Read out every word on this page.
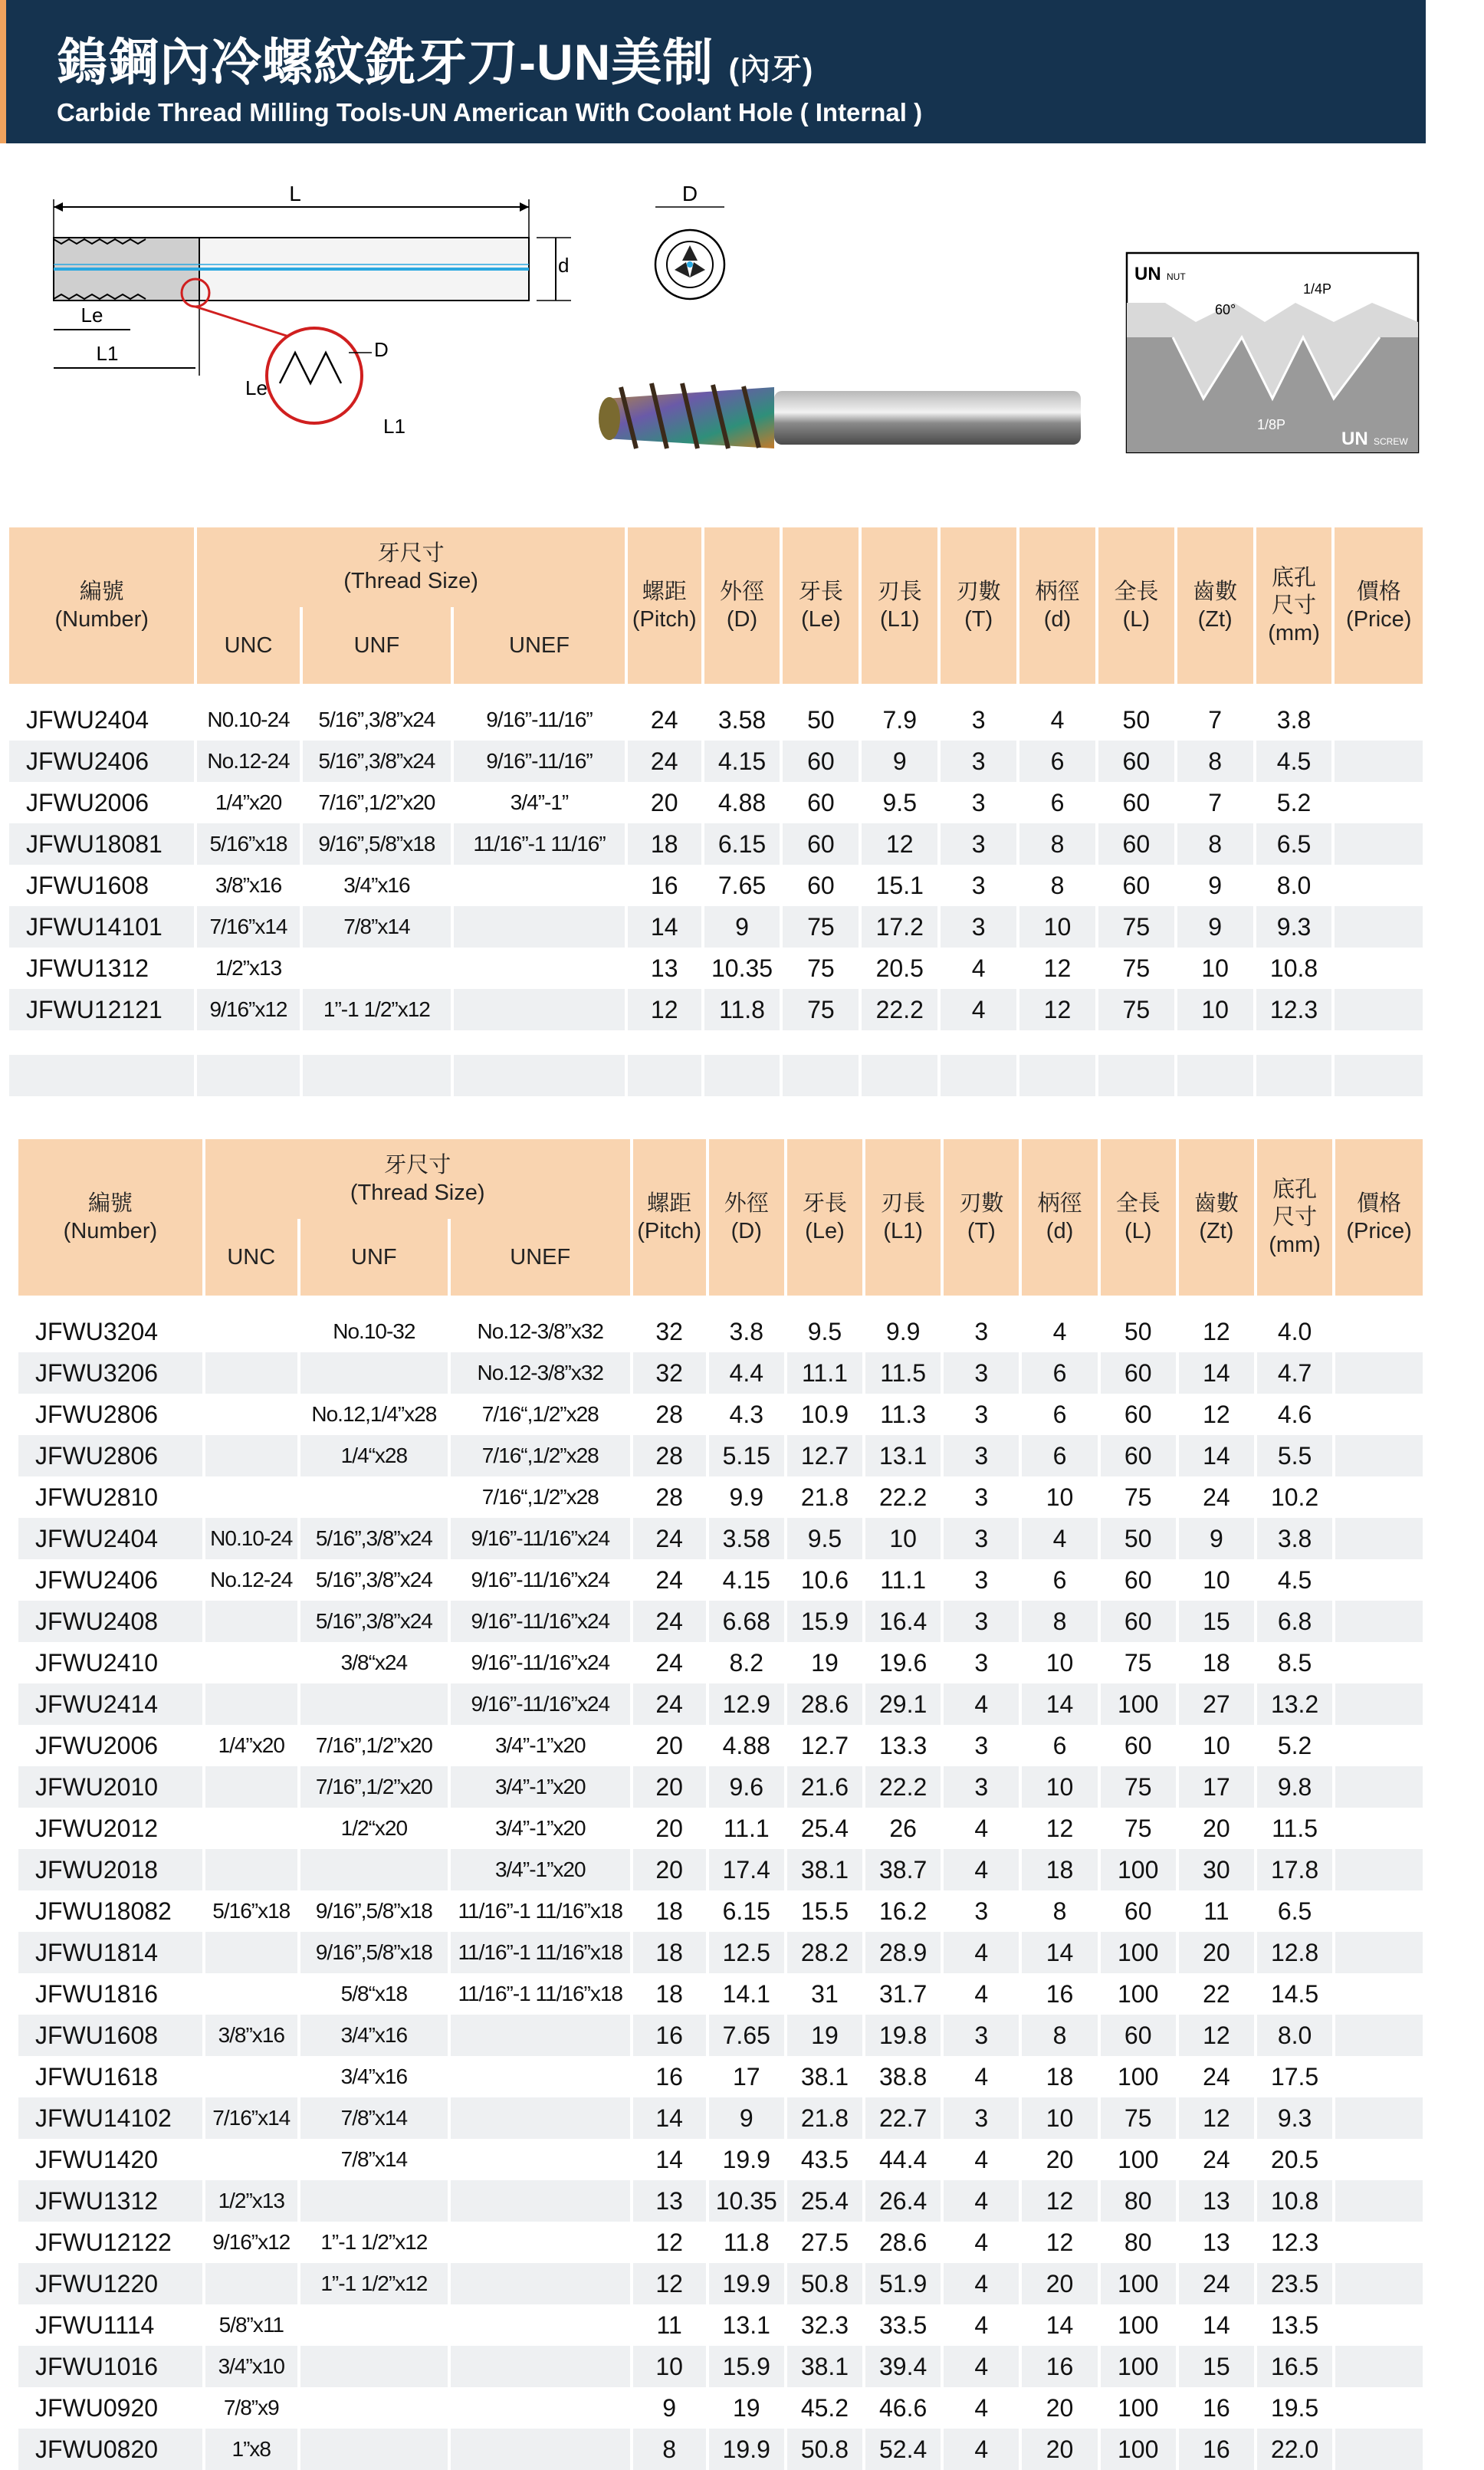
鎢鋼內冷螺紋銑牙刀-UN美制 (內牙)
Carbide Thread Milling Tools-UN American With Coolant Hole ( Internal )
L
d
Le
L1	D
Le
L1
D
UN NUT
UN SCREW
60°
1/4P
1/8P
編號
(Number)	牙尺寸
(Thread Size)			螺距
(Pitch)	外徑
(D)	牙長
(Le)	刃長
(L1)	刃數
(T)	柄徑
(d)	全長
(L)	齒數
(Zt)	底孔
尺寸
(mm)	價格
(Price)
	UNC	UNF	UNEF										

JFWU2404	N0.10-24	5/16”,3/8”x24	9/16”-11/16”	24	3.58	50	7.9	3	4	50	7	3.8	
JFWU2406	No.12-24	5/16”,3/8”x24	9/16”-11/16”	24	4.15	60	9	3	6	60	8	4.5	
JFWU2006	1/4”x20	7/16”,1/2”x20	3/4”-1”	20	4.88	60	9.5	3	6	60	7	5.2	
JFWU18081	5/16”x18	9/16”,5/8”x18	11/16”-1 11/16”	18	6.15	60	12	3	8	60	8	6.5	
JFWU1608	3/8”x16	3/4”x16		16	7.65	60	15.1	3	8	60	9	8.0	
JFWU14101	7/16”x14	7/8”x14		14	9	75	17.2	3	10	75	9	9.3	
JFWU1312	1/2”x13			13	10.35	75	20.5	4	12	75	10	10.8	
JFWU12121	9/16”x12	1”-1 1/2”x12		12	11.8	75	22.2	4	12	75	10	12.3	

編號
(Number)	牙尺寸
(Thread Size)			螺距
(Pitch)	外徑
(D)	牙長
(Le)	刃長
(L1)	刃數
(T)	柄徑
(d)	全長
(L)	齒數
(Zt)	底孔
尺寸
(mm)	價格
(Price)
	UNC	UNF	UNEF										

JFWU3204		No.10-32	No.12-3/8”x32	32	3.8	9.5	9.9	3	4	50	12	4.0	
JFWU3206			No.12-3/8”x32	32	4.4	11.1	11.5	3	6	60	14	4.7	
JFWU2806		No.12,1/4”x28	7/16“,1/2”x28	28	4.3	10.9	11.3	3	6	60	12	4.6	
JFWU2806		1/4“x28	7/16“,1/2”x28	28	5.15	12.7	13.1	3	6	60	14	5.5	
JFWU2810			7/16“,1/2”x28	28	9.9	21.8	22.2	3	10	75	24	10.2	
JFWU2404	N0.10-24	5/16”,3/8”x24	9/16”-11/16”x24	24	3.58	9.5	10	3	4	50	9	3.8	
JFWU2406	No.12-24	5/16”,3/8”x24	9/16”-11/16”x24	24	4.15	10.6	11.1	3	6	60	10	4.5	
JFWU2408		5/16”,3/8”x24	9/16”-11/16”x24	24	6.68	15.9	16.4	3	8	60	15	6.8	
JFWU2410		3/8“x24	9/16”-11/16”x24	24	8.2	19	19.6	3	10	75	18	8.5	
JFWU2414			9/16”-11/16”x24	24	12.9	28.6	29.1	4	14	100	27	13.2	
JFWU2006	1/4”x20	7/16”,1/2”x20	3/4”-1”x20	20	4.88	12.7	13.3	3	6	60	10	5.2	
JFWU2010		7/16”,1/2”x20	3/4”-1”x20	20	9.6	21.6	22.2	3	10	75	17	9.8	
JFWU2012		1/2“x20	3/4”-1”x20	20	11.1	25.4	26	4	12	75	20	11.5	
JFWU2018			3/4”-1”x20	20	17.4	38.1	38.7	4	18	100	30	17.8	
JFWU18082	5/16”x18	9/16”,5/8”x18	11/16”-1 11/16”x18	18	6.15	15.5	16.2	3	8	60	11	6.5	
JFWU1814		9/16”,5/8”x18	11/16”-1 11/16”x18	18	12.5	28.2	28.9	4	14	100	20	12.8	
JFWU1816		5/8“x18	11/16”-1 11/16”x18	18	14.1	31	31.7	4	16	100	22	14.5	
JFWU1608	3/8”x16	3/4”x16		16	7.65	19	19.8	3	8	60	12	8.0	
JFWU1618		3/4”x16		16	17	38.1	38.8	4	18	100	24	17.5	
JFWU14102	7/16”x14	7/8”x14		14	9	21.8	22.7	3	10	75	12	9.3	
JFWU1420		7/8”x14		14	19.9	43.5	44.4	4	20	100	24	20.5	
JFWU1312	1/2”x13			13	10.35	25.4	26.4	4	12	80	13	10.8	
JFWU12122	9/16”x12	1”-1 1/2”x12		12	11.8	27.5	28.6	4	12	80	13	12.3	
JFWU1220		1”-1 1/2”x12		12	19.9	50.8	51.9	4	20	100	24	23.5	
JFWU1114	5/8”x11			11	13.1	32.3	33.5	4	14	100	14	13.5	
JFWU1016	3/4”x10			10	15.9	38.1	39.4	4	16	100	15	16.5	
JFWU0920	7/8”x9			9	19	45.2	46.6	4	20	100	16	19.5	
JFWU0820	1”x8			8	19.9	50.8	52.4	4	20	100	16	22.0	
